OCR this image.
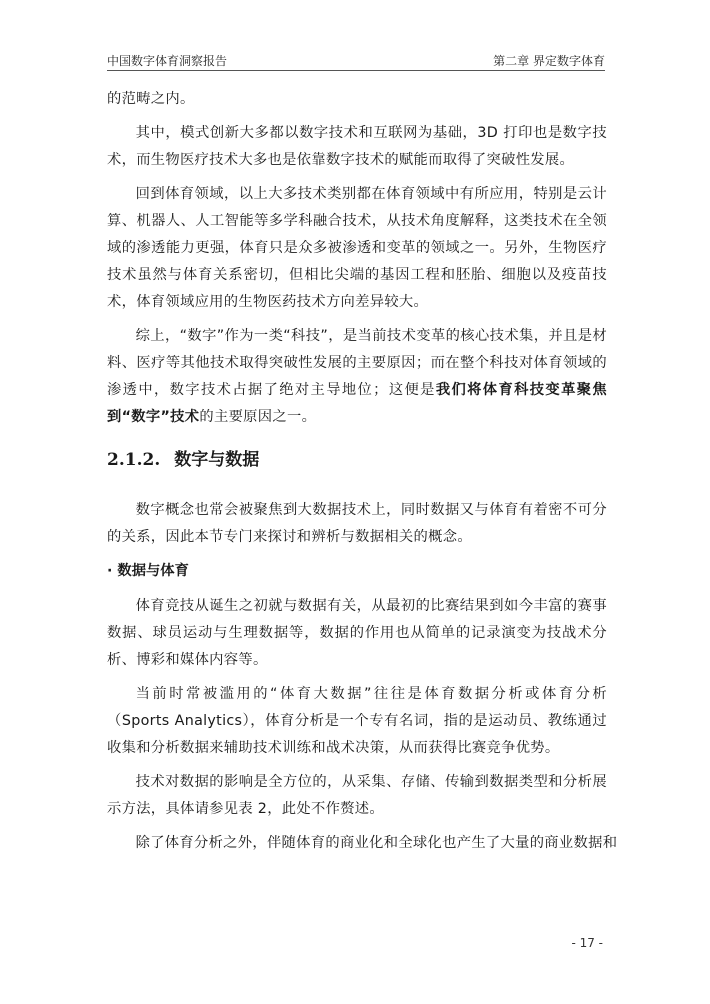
中国数字体育洞察报告	第二章 界定数字体育

的范畴之内。

其中，模式创新大多都以数字技术和互联网为基础，3D 打印也是数字技术，而生物医疗技术大多也是依靠数字技术的赋能而取得了突破性发展。

回到体育领域，以上大多技术类别都在体育领域中有所应用，特别是云计算、机器人、人工智能等多学科融合技术，从技术角度解释，这类技术在全领域的渗透能力更强，体育只是众多被渗透和变革的领域之一。另外，生物医疗技术虽然与体育关系密切，但相比尖端的基因工程和胚胎、细胞以及疫苗技术，体育领域应用的生物医药技术方向差异较大。

综上，“数字”作为一类“科技”，是当前技术变革的核心技术集，并且是材料、医疗等其他技术取得突破性发展的主要原因；而在整个科技对体育领域的渗透中，数字技术占据了绝对主导地位；这便是我们将体育科技变革聚焦到“数字”技术的主要原因之一。

2.1.2. 数字与数据

数字概念也常会被聚焦到大数据技术上，同时数据又与体育有着密不可分的关系，因此本节专门来探讨和辨析与数据相关的概念。

· 数据与体育

体育竞技从诞生之初就与数据有关，从最初的比赛结果到如今丰富的赛事数据、球员运动与生理数据等，数据的作用也从简单的记录演变为技战术分析、博彩和媒体内容等。

当前时常被滥用的“体育大数据”往往是体育数据分析或体育分析（Sports Analytics），体育分析是一个专有名词，指的是运动员、教练通过收集和分析数据来辅助技术训练和战术决策，从而获得比赛竞争优势。

技术对数据的影响是全方位的，从采集、存储、传输到数据类型和分析展示方法，具体请参见表 2，此处不作赘述。

除了体育分析之外，伴随体育的商业化和全球化也产生了大量的商业数据和

- 17 -
